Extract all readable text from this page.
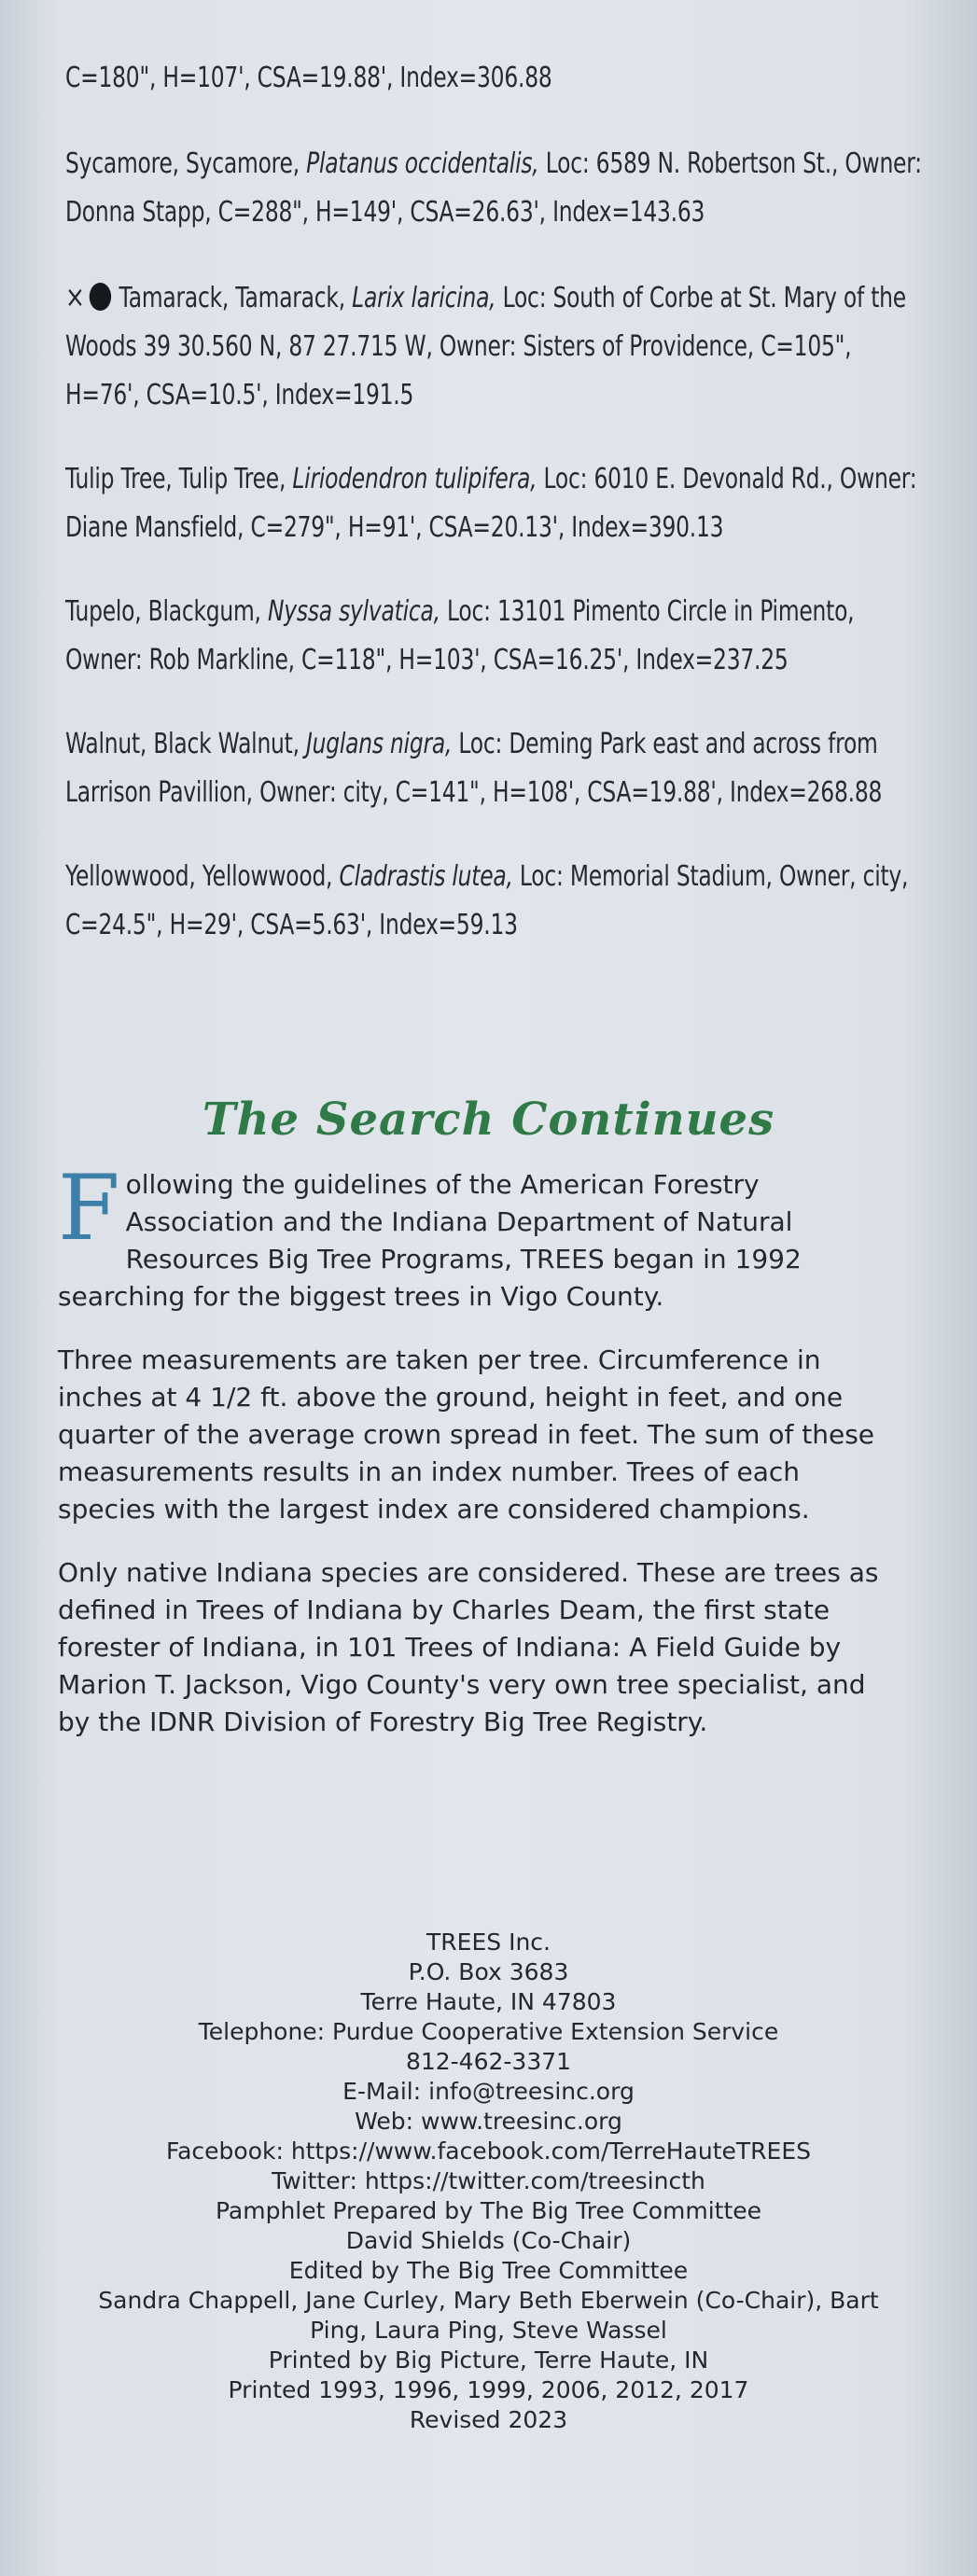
C=180", H=107', CSA=19.88', Index=306.88
Sycamore, Sycamore, Platanus occidentalis, Loc: 6589 N. Robertson St., Owner: Donna Stapp, C=288", H=149', CSA=26.63', Index=143.63
× Tamarack, Tamarack, Larix laricina, Loc: South of Corbe at St. Mary of the Woods 39 30.560 N, 87 27.715 W, Owner: Sisters of Providence, C=105", H=76', CSA=10.5', Index=191.5
Tulip Tree, Tulip Tree, Liriodendron tulipifera, Loc: 6010 E. Devonald Rd., Owner: Diane Mansfield, C=279", H=91', CSA=20.13', Index=390.13
Tupelo, Blackgum, Nyssa sylvatica, Loc: 13101 Pimento Circle in Pimento, Owner: Rob Markline, C=118", H=103', CSA=16.25', Index=237.25
Walnut, Black Walnut, Juglans nigra, Loc: Deming Park east and across from Larrison Pavillion, Owner: city, C=141", H=108', CSA=19.88', Index=268.88
Yellowwood, Yellowwood, Cladrastis lutea, Loc: Memorial Stadium, Owner, city, C=24.5", H=29', CSA=5.63', Index=59.13
The Search Continues

Following the guidelines of the American Forestry Association and the Indiana Department of Natural Resources Big Tree Programs, TREES began in 1992 searching for the biggest trees in Vigo County.

Three measurements are taken per tree. Circumference in inches at 4 1/2 ft. above the ground, height in feet, and one quarter of the average crown spread in feet. The sum of these measurements results in an index number. Trees of each species with the largest index are considered champions.

Only native Indiana species are considered. These are trees as defined in Trees of Indiana by Charles Deam, the first state forester of Indiana, in 101 Trees of Indiana: A Field Guide by Marion T. Jackson, Vigo County's very own tree specialist, and by the IDNR Division of Forestry Big Tree Registry.

TREES Inc.
P.O. Box 3683
Terre Haute, IN 47803
Telephone: Purdue Cooperative Extension Service
812-462-3371
E-Mail: info@treesinc.org
Web: www.treesinc.org
Facebook: https://www.facebook.com/TerreHauteTREES
Twitter: https://twitter.com/treesincth
Pamphlet Prepared by The Big Tree Committee
David Shields (Co-Chair)
Edited by The Big Tree Committee
Sandra Chappell, Jane Curley, Mary Beth Eberwein (Co-Chair), Bart
Ping, Laura Ping, Steve Wassel
Printed by Big Picture, Terre Haute, IN
Printed 1993, 1996, 1999, 2006, 2012, 2017
Revised 2023
